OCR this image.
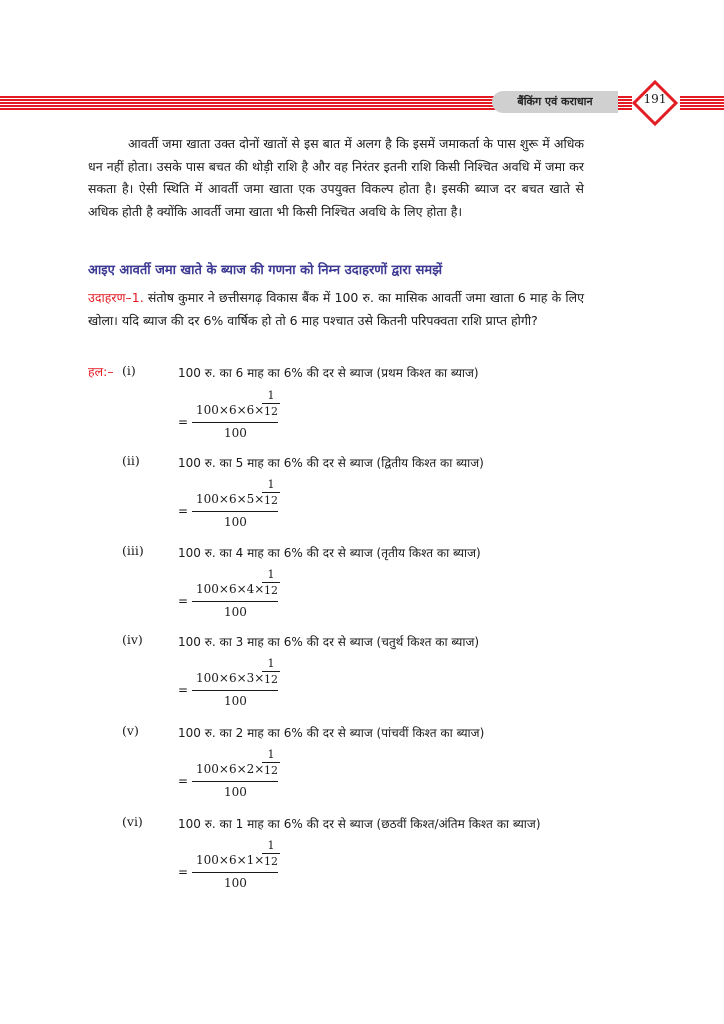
बैंकिंग एवं कराधान	191
आवर्ती जमा खाता उक्त दोनों खातों से इस बात में अलग है कि इसमें जमाकर्ता के पास शुरू में अधिक धन नहीं होता। उसके पास बचत की थोड़ी राशि है और वह निरंतर इतनी राशि किसी निश्चित अवधि में जमा कर सकता है। ऐसी स्थिति में आवर्ती जमा खाता एक उपयुक्त विकल्प होता है। इसकी ब्याज दर बचत खाते से अधिक होती है क्योंकि आवर्ती जमा खाता भी किसी निश्चित अवधि के लिए होता है।
आइए आवर्ती जमा खाते के ब्याज की गणना को निम्न उदाहरणों द्वारा समझें
उदाहरण–1. संतोष कुमार ने छत्तीसगढ़ विकास बैंक में 100 रु. का मासिक आवर्ती जमा खाता 6 माह के लिए खोला। यदि ब्याज की दर 6% वार्षिक हो तो 6 माह पश्चात उसे कितनी परिपक्वता राशि प्राप्त होगी?
हल:– (i)	100 रु. का 6 माह का 6% की दर से ब्याज (प्रथम किश्त का ब्याज)
=
100×6×6×
1
12
100
(ii)	100 रु. का 5 माह का 6% की दर से ब्याज (द्वितीय किश्त का ब्याज)
=
100×6×5×
1
12
100
(iii)	100 रु. का 4 माह का 6% की दर से ब्याज (तृतीय किश्त का ब्याज)
=
100×6×4×
1
12
100
(iv)	100 रु. का 3 माह का 6% की दर से ब्याज (चतुर्थ किश्त का ब्याज)
=
100×6×3×
1
12
100
(v)	100 रु. का 2 माह का 6% की दर से ब्याज (पांचवीं किश्त का ब्याज)
=
100×6×2×
1
12
100
(vi)	100 रु. का 1 माह का 6% की दर से ब्याज (छठवीं किश्त/अंतिम किश्त का ब्याज)
=
100×6×1×
1
12
100
